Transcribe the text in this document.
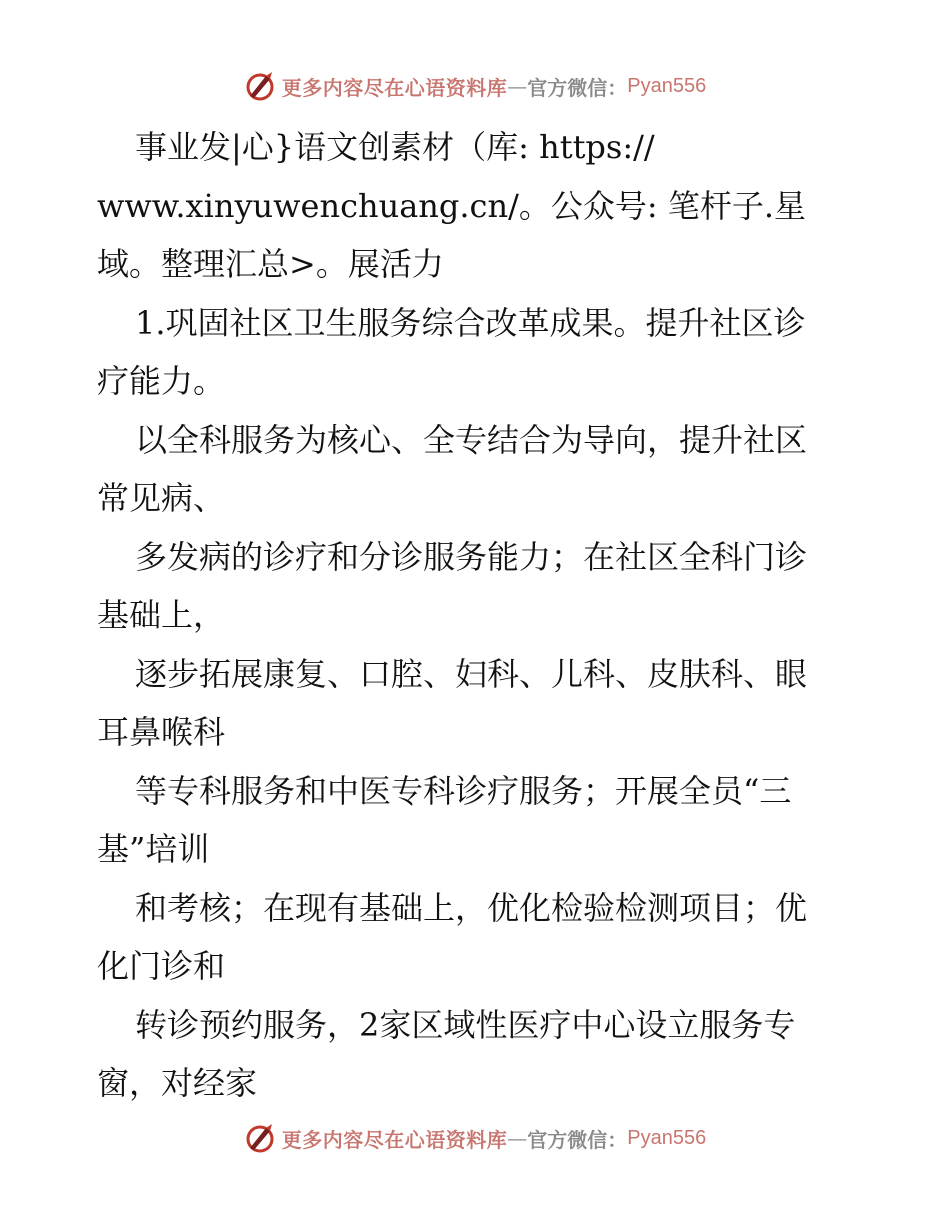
更多内容尽在心语资料库 — 官方微信： Pyan556
事业发|心}语文创素材（库: https://
www.xinyuwenchuang.cn/。公众号: 笔杆子.星
域。整理汇总>。展活力
1.巩固社区卫生服务综合改革成果。提升社区诊
疗能力。
以全科服务为核心、全专结合为导向，提升社区
常见病、
多发病的诊疗和分诊服务能力；在社区全科门诊
基础上，
逐步拓展康复、口腔、妇科、儿科、皮肤科、眼
耳鼻喉科
等专科服务和中医专科诊疗服务；开展全员“三
基”培训
和考核；在现有基础上，优化检验检测项目；优
化门诊和
转诊预约服务，2家区域性医疗中心设立服务专
窗，对经家
更多内容尽在心语资料库 — 官方微信： Pyan556
